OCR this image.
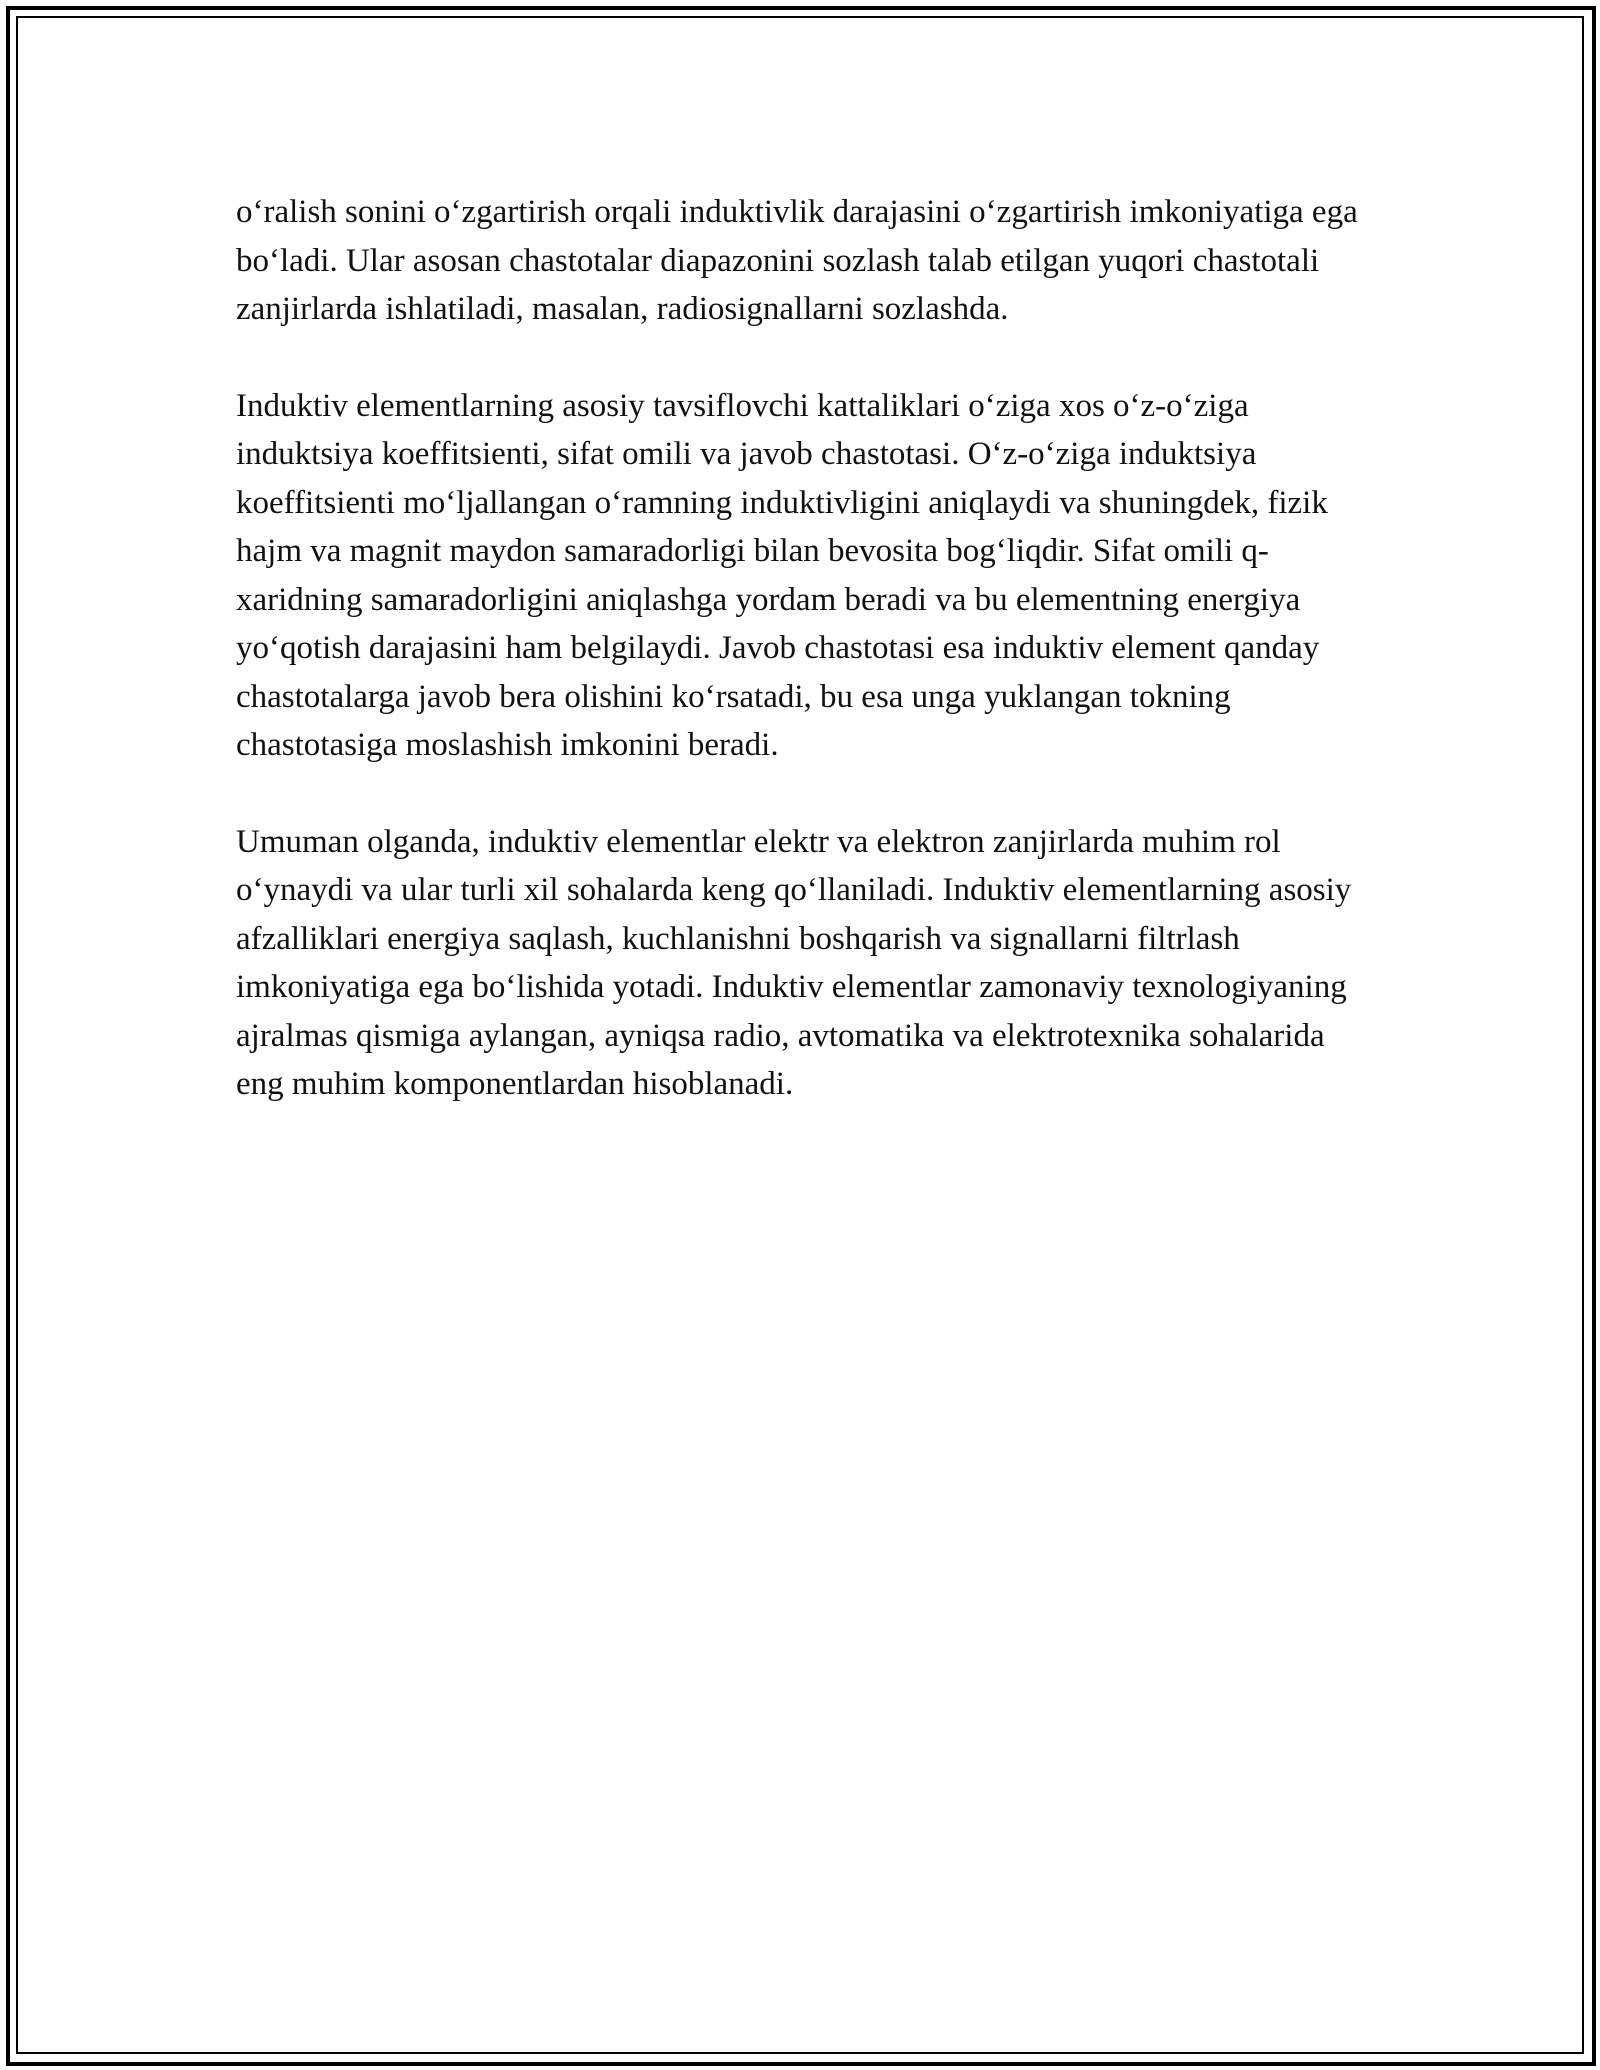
o‘ralish sonini o‘zgartirish orqali induktivlik darajasini o‘zgartirish imkoniyatiga ega bo‘ladi. Ular asosan chastotalar diapazonini sozlash talab etilgan yuqori chastotali zanjirlarda ishlatiladi, masalan, radiosignallarni sozlashda.

Induktiv elementlarning asosiy tavsiflovchi kattaliklari o‘ziga xos o‘z-o‘ziga induktsiya koeffitsienti, sifat omili va javob chastotasi. O‘z-o‘ziga induktsiya koeffitsienti mo‘ljallangan o‘ramning induktivligini aniqlaydi va shuningdek, fizik hajm va magnit maydon samaradorligi bilan bevosita bog‘liqdir. Sifat omili q-xaridning samaradorligini aniqlashga yordam beradi va bu elementning energiya yo‘qotish darajasini ham belgilaydi. Javob chastotasi esa induktiv element qanday chastotalarga javob bera olishini ko‘rsatadi, bu esa unga yuklangan tokning chastotasiga moslashish imkonini beradi.

Umuman olganda, induktiv elementlar elektr va elektron zanjirlarda muhim rol o‘ynaydi va ular turli xil sohalarda keng qo‘llaniladi. Induktiv elementlarning asosiy afzalliklari energiya saqlash, kuchlanishni boshqarish va signallarni filtrlash imkoniyatiga ega bo‘lishida yotadi. Induktiv elementlar zamonaviy texnologiyaning ajralmas qismiga aylangan, ayniqsa radio, avtomatika va elektrotexnika sohalarida eng muhim komponentlardan hisoblanadi.
